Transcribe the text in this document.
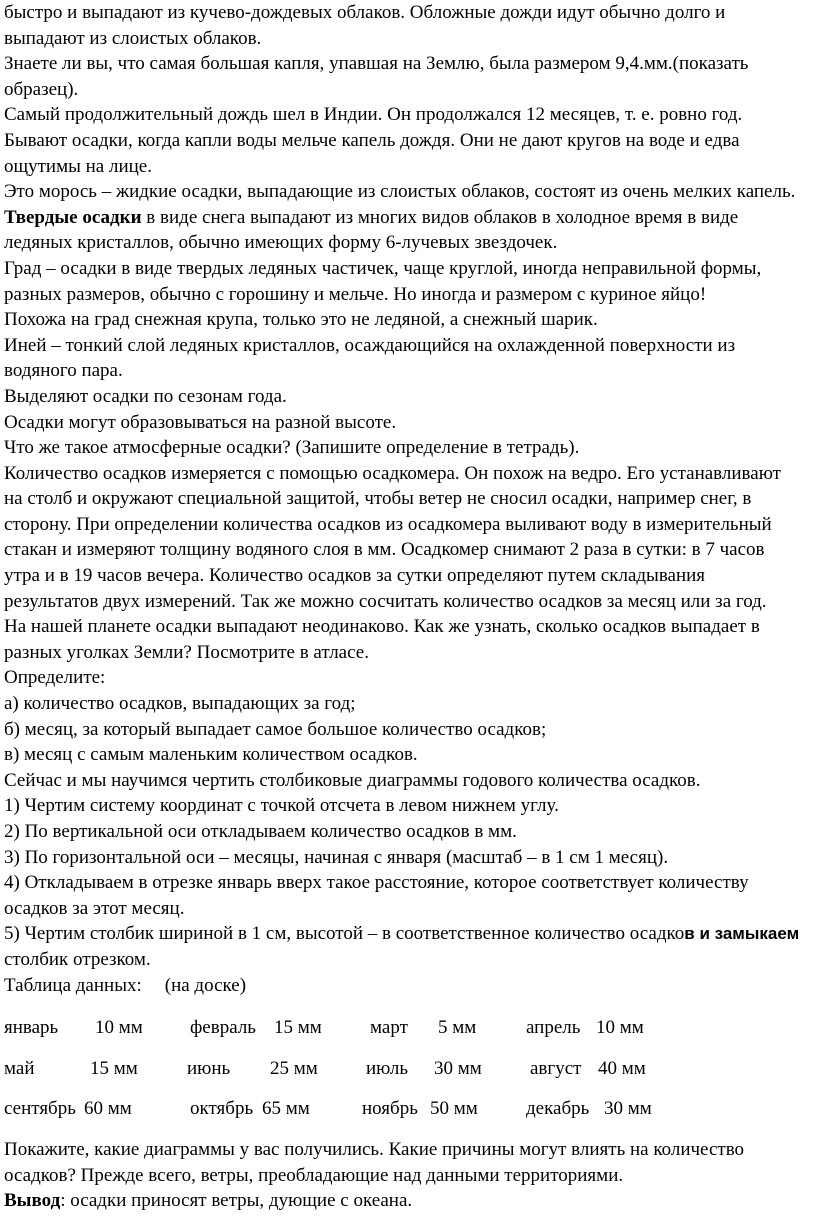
быстро и выпадают из кучево-дождевых облаков. Обложные дожди идут обычно долго и

выпадают из слоистых облаков.

Знаете ли вы, что самая большая капля, упавшая на Землю, была размером 9,4.мм.(показать

образец).

Самый продолжительный дождь шел в Индии. Он продолжался 12 месяцев, т. е. ровно год.

Бывают осадки, когда капли воды мельче капель дождя. Они не дают кругов на воде и едва

ощутимы на лице.

Это морось – жидкие осадки, выпадающие из слоистых облаков, состоят из очень мелких капель.

Твердые осадки в виде снега выпадают из многих видов облаков в холодное время в виде

ледяных кристаллов, обычно имеющих форму 6-лучевых звездочек.

Град – осадки в виде твердых ледяных частичек, чаще круглой, иногда неправильной формы,

разных размеров, обычно с горошину и мельче. Но иногда и размером с куриное яйцо!

Похожа на град снежная крупа, только это не ледяной, а снежный шарик.

Иней – тонкий слой ледяных кристаллов, осаждающийся на охлажденной поверхности из

водяного пара.

Выделяют осадки по сезонам года.

Осадки могут образовываться на разной высоте.

Что же такое атмосферные осадки? (Запишите определение в тетрадь).

Количество осадков измеряется с помощью осадкомера. Он похож на ведро. Его устанавливают

на столб и окружают специальной защитой, чтобы ветер не сносил осадки, например снег, в

сторону. При определении количества осадков из осадкомера выливают воду в измерительный

стакан и измеряют толщину водяного слоя в мм. Осадкомер снимают 2 раза в сутки: в 7 часов

утра и в 19 часов вечера. Количество осадков за сутки определяют путем складывания

результатов двух измерений. Так же можно сосчитать количество осадков за месяц или за год.

На нашей планете осадки выпадают неодинаково. Как же узнать, сколько осадков выпадает в

разных уголках Земли? Посмотрите в атласе.

Определите:

а) количество осадков, выпадающих за год;

б) месяц, за который выпадает самое большое количество осадков;

в) месяц с самым маленьким количеством осадков.

Сейчас и мы научимся чертить столбиковые диаграммы годового количества осадков.

1) Чертим систему координат с точкой отсчета в левом нижнем углу.

2) По вертикальной оси откладываем количество осадков в мм.

3) По горизонтальной оси – месяцы, начиная с января (масштаб – в 1 см 1 месяц).

4) Откладываем в отрезке январь вверх такое расстояние, которое соответствует количеству

осадков за этот месяц.

5) Чертим столбик шириной в 1 см, высотой – в соответственное количество осадков и замыкаем

столбик отрезком.

Таблица данных: (на доске)

январь 10 мм февраль 15 мм	март 5 мм	апрель 10 мм
май	15 мм	июнь 25 мм	июль 30 мм	август 40 мм
сентябрь 60 мм	октябрь 65 мм	ноябрь 50 мм	декабрь 30 мм

Покажите, какие диаграммы у вас получились. Какие причины могут влиять на количество

осадков? Прежде всего, ветры, преобладающие над данными территориями.

Вывод: осадки приносят ветры, дующие с океана.
